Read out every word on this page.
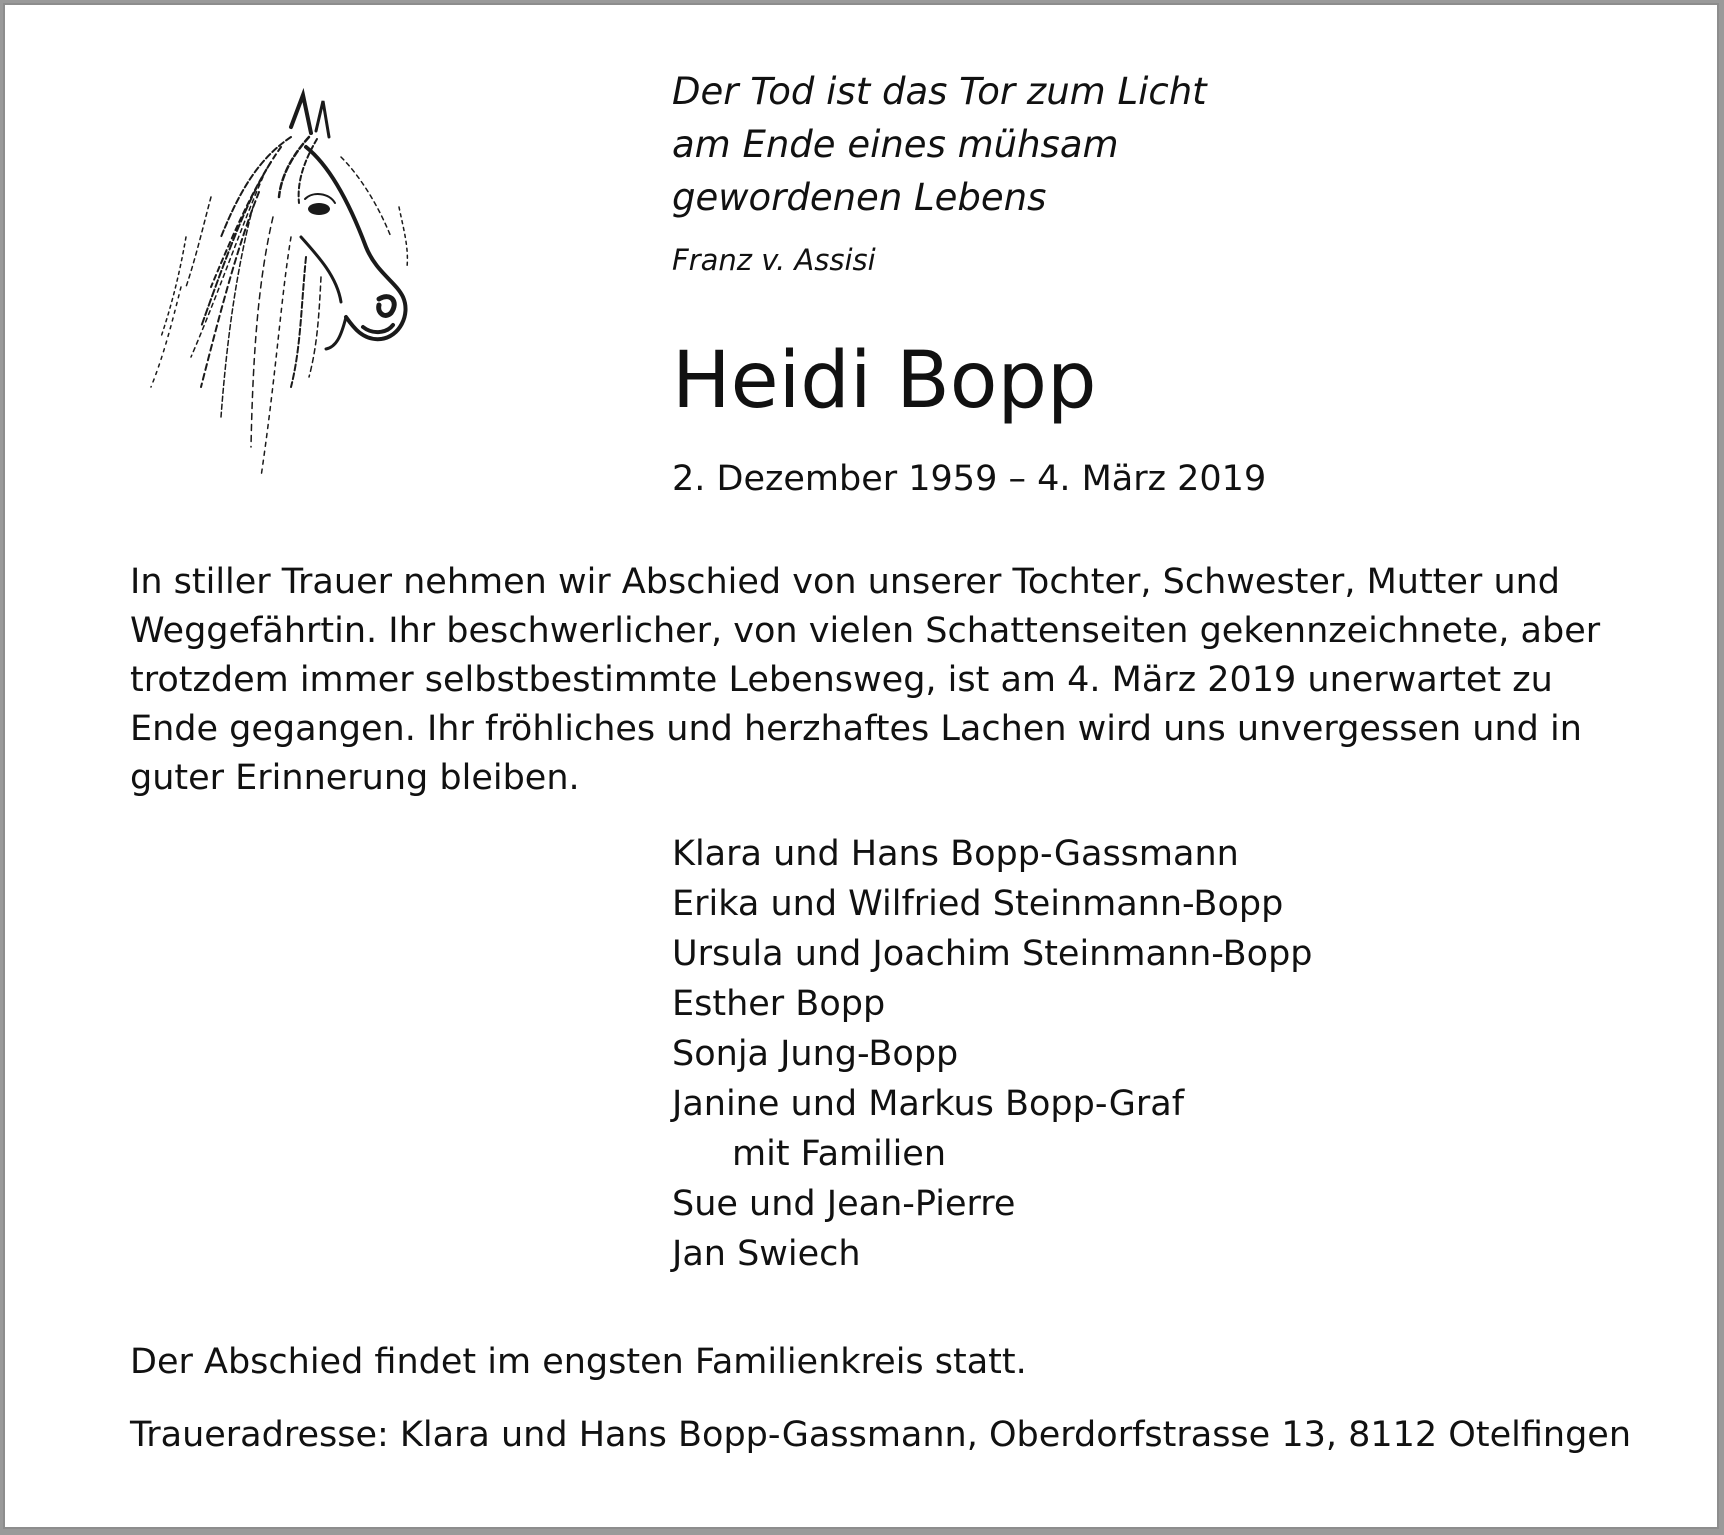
Der Tod ist das Tor zum Licht
am Ende eines mühsam
gewordenen Lebens
Franz v. Assisi
Heidi Bopp
2. Dezember 1959 – 4. März 2019
In stiller Trauer nehmen wir Abschied von unserer Tochter, Schwester, Mutter und
Weggefährtin. Ihr beschwerlicher, von vielen Schattenseiten gekennzeichnete, aber
trotzdem immer selbstbestimmte Lebensweg, ist am 4. März 2019 unerwartet zu
Ende gegangen. Ihr fröhliches und herzhaftes Lachen wird uns unvergessen und in
guter Erinnerung bleiben.
Klara und Hans Bopp-Gassmann
Erika und Wilfried Steinmann-Bopp
Ursula und Joachim Steinmann-Bopp
Esther Bopp
Sonja Jung-Bopp
Janine und Markus Bopp-Graf
mit Familien
Sue und Jean-Pierre
Jan Swiech
Der Abschied findet im engsten Familienkreis statt.
Traueradresse: Klara und Hans Bopp-Gassmann, Oberdorfstrasse 13, 8112 Otelfingen
